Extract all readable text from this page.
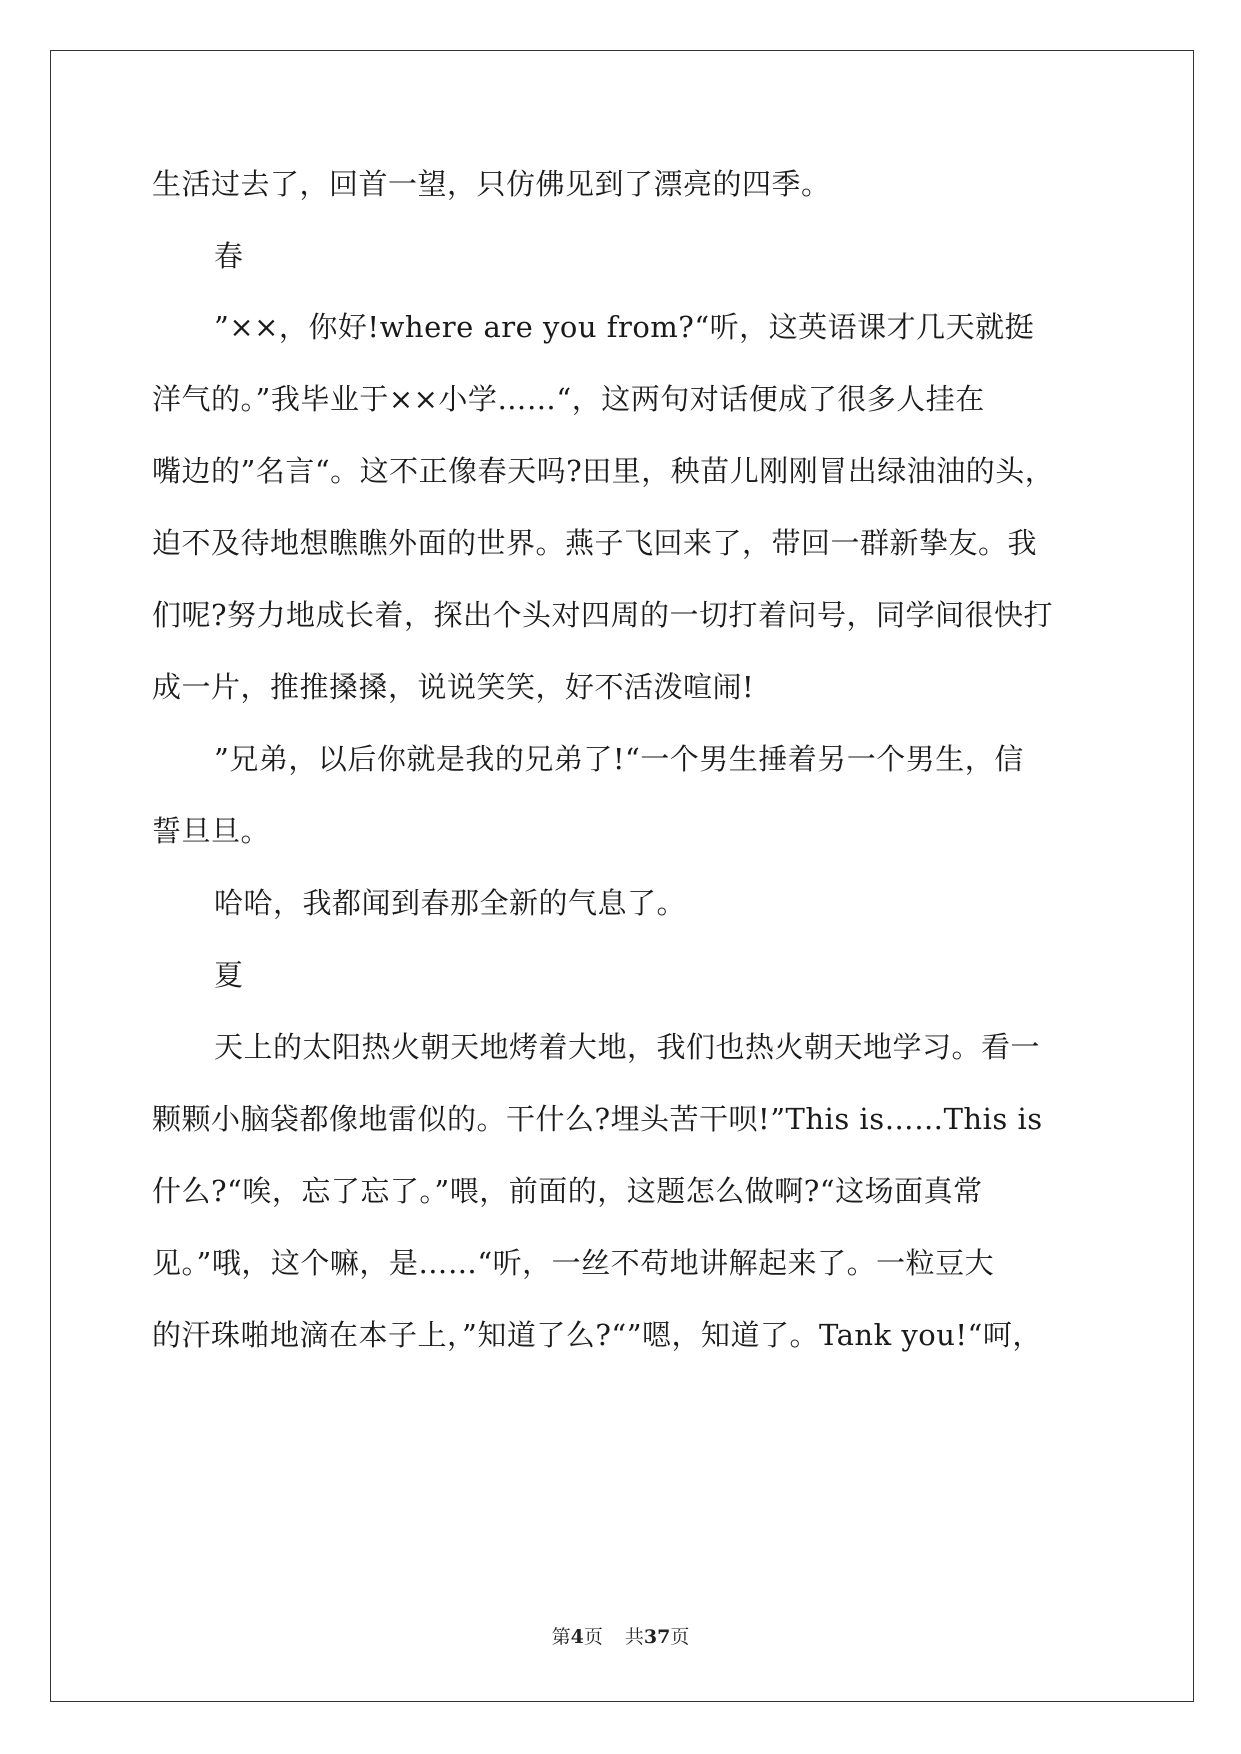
生活过去了，回首一望，只仿佛见到了漂亮的四季。
春
”××，你好!where are you from?“听，这英语课才几天就挺
洋气的。”我毕业于××小学……“，这两句对话便成了很多人挂在
嘴边的”名言“。这不正像春天吗?田里，秧苗儿刚刚冒出绿油油的头，
迫不及待地想瞧瞧外面的世界。燕子飞回来了，带回一群新挚友。我
们呢?努力地成长着，探出个头对四周的一切打着问号，同学间很快打
成一片，推推搡搡，说说笑笑，好不活泼喧闹!
”兄弟，以后你就是我的兄弟了!“一个男生捶着另一个男生，信
誓旦旦。
哈哈，我都闻到春那全新的气息了。
夏
天上的太阳热火朝天地烤着大地，我们也热火朝天地学习。看一
颗颗小脑袋都像地雷似的。干什么?埋头苦干呗!”This is……This is
什么?“唉，忘了忘了。”喂，前面的，这题怎么做啊?“这场面真常
见。”哦，这个嘛，是……“听，一丝不苟地讲解起来了。一粒豆大
的汗珠啪地滴在本子上，”知道了么?“”嗯，知道了。Tank you!“呵，
第4页 共37页
